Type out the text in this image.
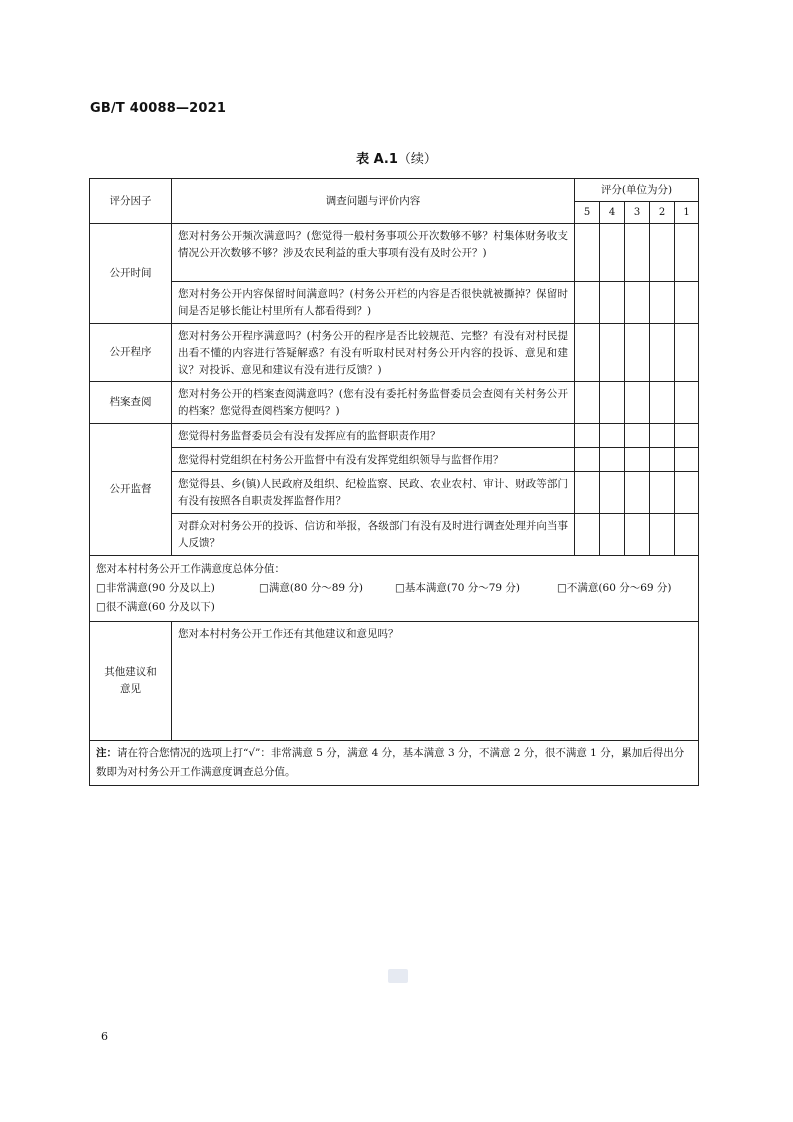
GB/T 40088—2021
表 A.1（续）
评分因子	调查问题与评价内容	评分(单位为分)				
		5	4	3	2	1
公开时间	您对村务公开频次满意吗？(您觉得一般村务事项公开次数够不够？村集体财务收支情况公开次数够不够？涉及农民利益的重大事项有没有及时公开？)					
	您对村务公开内容保留时间满意吗？(村务公开栏的内容是否很快就被撕掉？保留时间是否足够长能让村里所有人都看得到？)					
公开程序	您对村务公开程序满意吗？(村务公开的程序是否比较规范、完整？有没有对村民提出看不懂的内容进行答疑解惑？有没有听取村民对村务公开内容的投诉、意见和建议？对投诉、意见和建议有没有进行反馈？)					
档案查阅	您对村务公开的档案查阅满意吗？(您有没有委托村务监督委员会查阅有关村务公开的档案？您觉得查阅档案方便吗？)					
公开监督	您觉得村务监督委员会有没有发挥应有的监督职责作用？					
	您觉得村党组织在村务公开监督中有没有发挥党组织领导与监督作用？					
	您觉得县、乡(镇)人民政府及组织、纪检监察、民政、农业农村、审计、财政等部门有没有按照各自职责发挥监督作用？					
	对群众对村务公开的投诉、信访和举报，各级部门有没有及时进行调查处理并向当事人反馈？					

您对本村村务公开工作满意度总体分值：
□非常满意(90 分及以上) □满意(80 分～89 分) □基本满意(70 分～79 分) □不满意(60 分～69 分)
□很不满意(60 分及以下)						

其他建议和意见	您对本村村务公开工作还有其他建议和意见吗？					
注：请在符合您情况的选项上打“√”：非常满意 5 分，满意 4 分，基本满意 3 分，不满意 2 分，很不满意 1 分，累加后得出分数即为对村务公开工作满意度调查总分值。						
6
